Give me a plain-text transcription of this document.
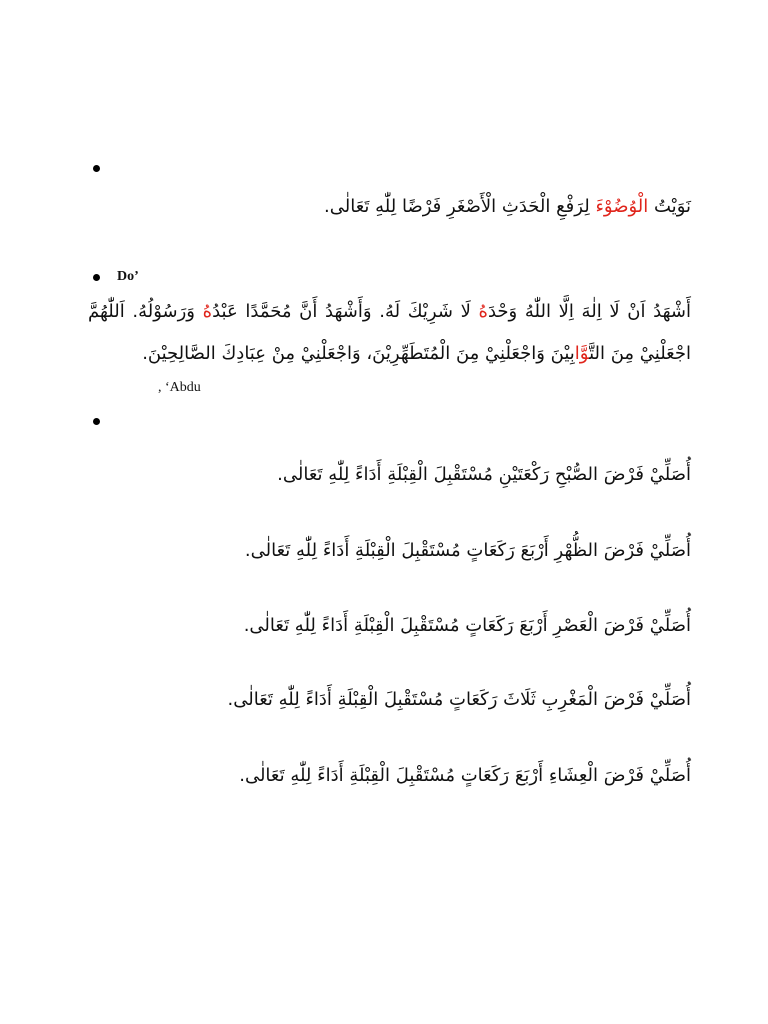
نَوَيْتُ الْوُضُوْءَ لِرَفْعِ الْحَدَثِ الْأَصْغَرِ فَرْضًا لِلّٰهِ تَعَالٰى.
Do’
أَشْهَدُ اَنْ لَا اِلٰهَ اِلَّا اللّٰهُ وَحْدَهُ لَا شَرِيْكَ لَهُ. وَأَشْهَدُ أَنَّ مُحَمَّدًا عَبْدُهُ وَرَسُوْلُهُ. اَللّٰهُمَّ اجْعَلْنِيْ مِنَ التَّوَّابِيْنَ وَاجْعَلْنِيْ مِنَ الْمُتَطَهِّرِيْنَ، وَاجْعَلْنِيْ مِنْ عِبَادِكَ الصَّالِحِيْنَ.
, ‘Abdu
أُصَلِّيْ فَرْضَ الصُّبْحِ رَكْعَتَيْنِ مُسْتَقْبِلَ الْقِبْلَةِ أَدَاءً لِلّٰهِ تَعَالٰى.
أُصَلِّيْ فَرْضَ الظُّهْرِ أَرْبَعَ رَكَعَاتٍ مُسْتَقْبِلَ الْقِبْلَةِ أَدَاءً لِلّٰهِ تَعَالٰى.
أُصَلِّيْ فَرْضَ الْعَصْرِ أَرْبَعَ رَكَعَاتٍ مُسْتَقْبِلَ الْقِبْلَةِ أَدَاءً لِلّٰهِ تَعَالٰى.
أُصَلِّيْ فَرْضَ الْمَغْرِبِ ثَلَاثَ رَكَعَاتٍ مُسْتَقْبِلَ الْقِبْلَةِ أَدَاءً لِلّٰهِ تَعَالٰى.
أُصَلِّيْ فَرْضَ الْعِشَاءِ أَرْبَعَ رَكَعَاتٍ مُسْتَقْبِلَ الْقِبْلَةِ أَدَاءً لِلّٰهِ تَعَالٰى.
